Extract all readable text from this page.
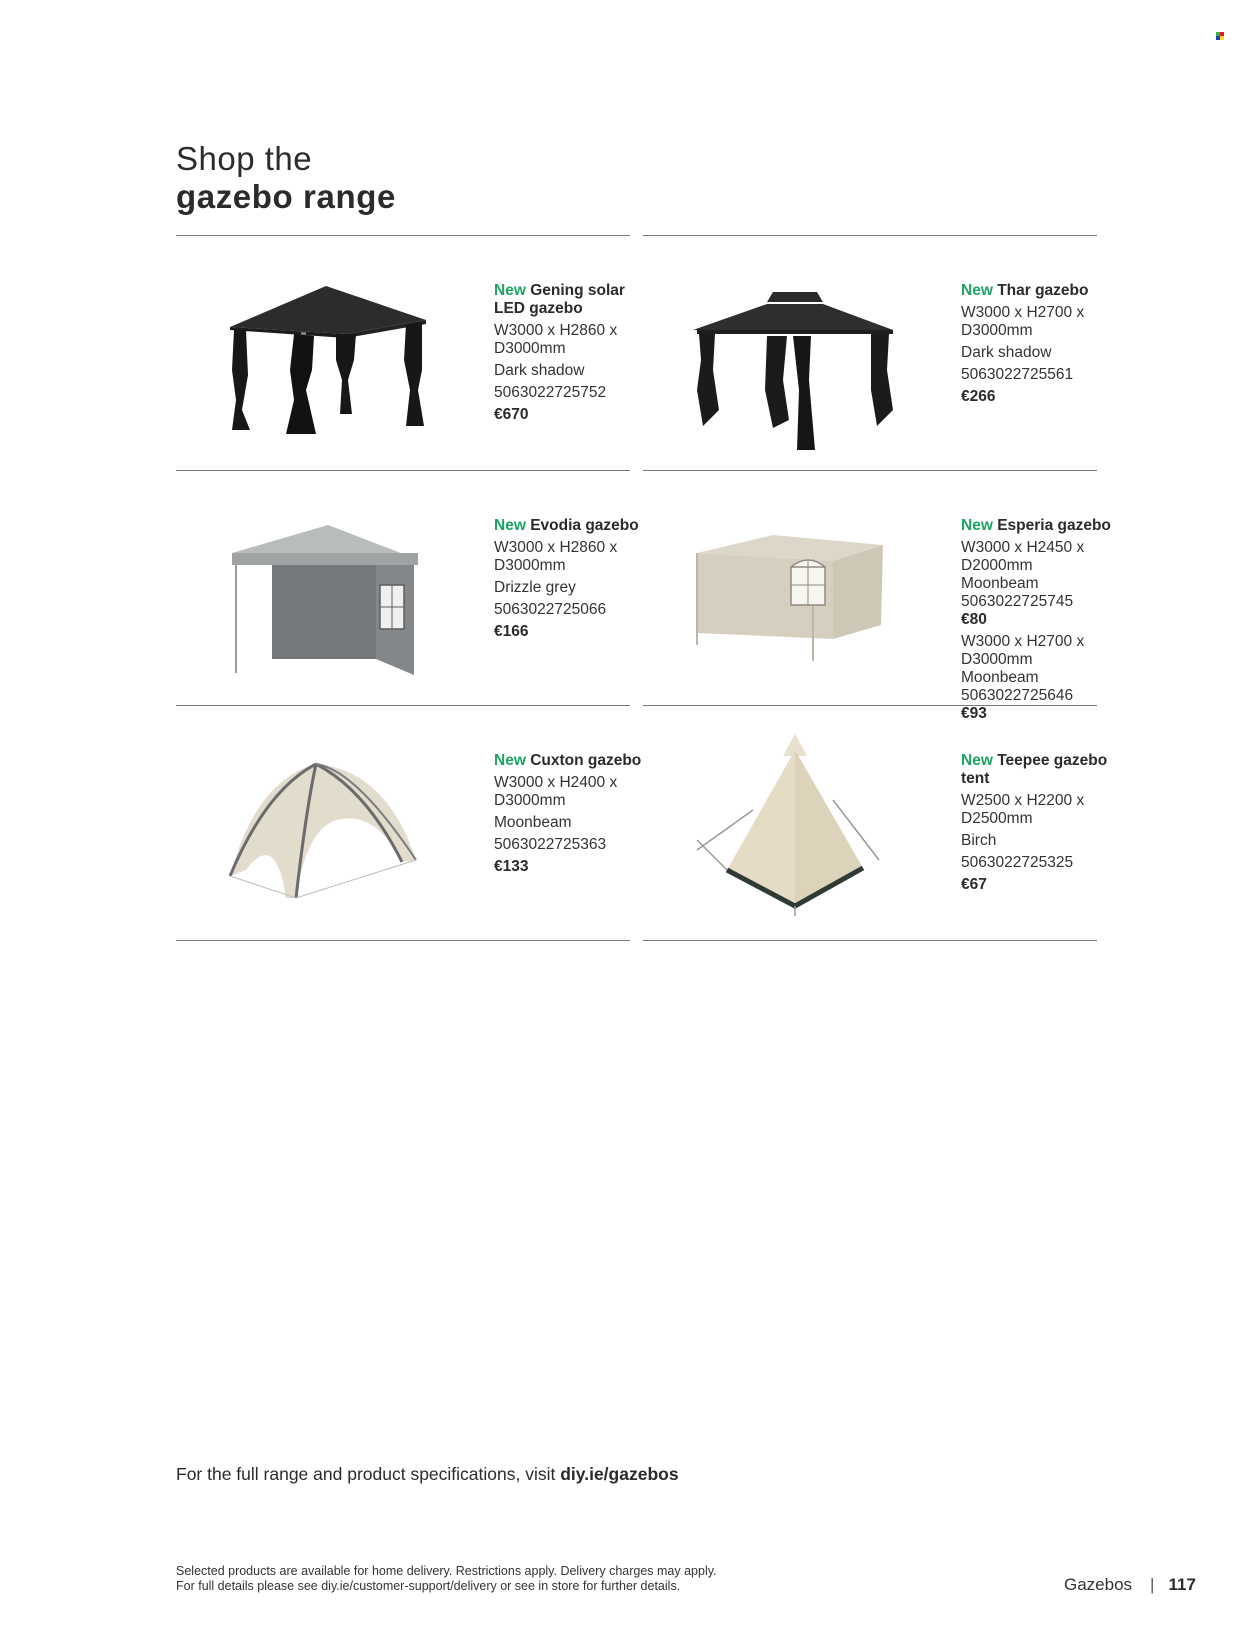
Shop the
gazebo range
New Gening solar LED gazebo
W3000 x H2860 x D3000mm
Dark shadow
5063022725752
€670
New Thar gazebo
W3000 x H2700 x D3000mm
Dark shadow
5063022725561
€266
New Evodia gazebo
W3000 x H2860 x D3000mm
Drizzle grey
5063022725066
€166
New Esperia gazebo
W3000 x H2450 x D2000mm
Moonbeam
5063022725745
€80
W3000 x H2700 x D3000mm
Moonbeam
5063022725646
€93
New Cuxton gazebo
W3000 x H2400 x D3000mm
Moonbeam
5063022725363
€133
New Teepee gazebo tent
W2500 x H2200 x D2500mm
Birch
5063022725325
€67
For the full range and product specifications, visit diy.ie/gazebos
Selected products are available for home delivery. Restrictions apply. Delivery charges may apply.
For full details please see diy.ie/customer-support/delivery or see in store for further details.	Gazebos | 117
